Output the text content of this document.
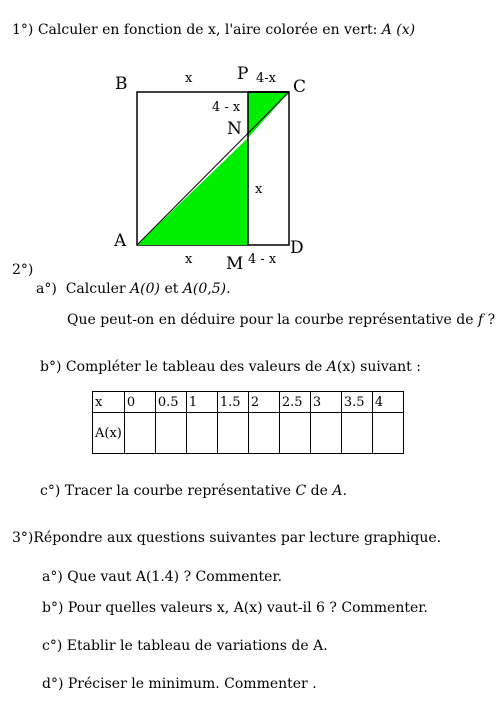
1°) Calculer en fonction de x, l'aire colorée en vert: A (x)
B	P
C
N
A
M
D
x	4-x
4 - x
x
x	4 - x
2°)
a°) Calculer A(0) et A(0,5).
Que peut-on en déduire pour la courbe représentative de f ?
b°) Compléter le tableau des valeurs de A(x) suivant :
x	0	0.5	1	1.5	2	2.5	3	3.5	4
A(x)									
c°) Tracer la courbe représentative C de A.
3°)Répondre aux questions suivantes par lecture graphique.
a°) Que vaut A(1.4) ? Commenter.
b°) Pour quelles valeurs x, A(x) vaut-il 6 ? Commenter.
c°) Etablir le tableau de variations de A.
d°) Préciser le minimum. Commenter .
